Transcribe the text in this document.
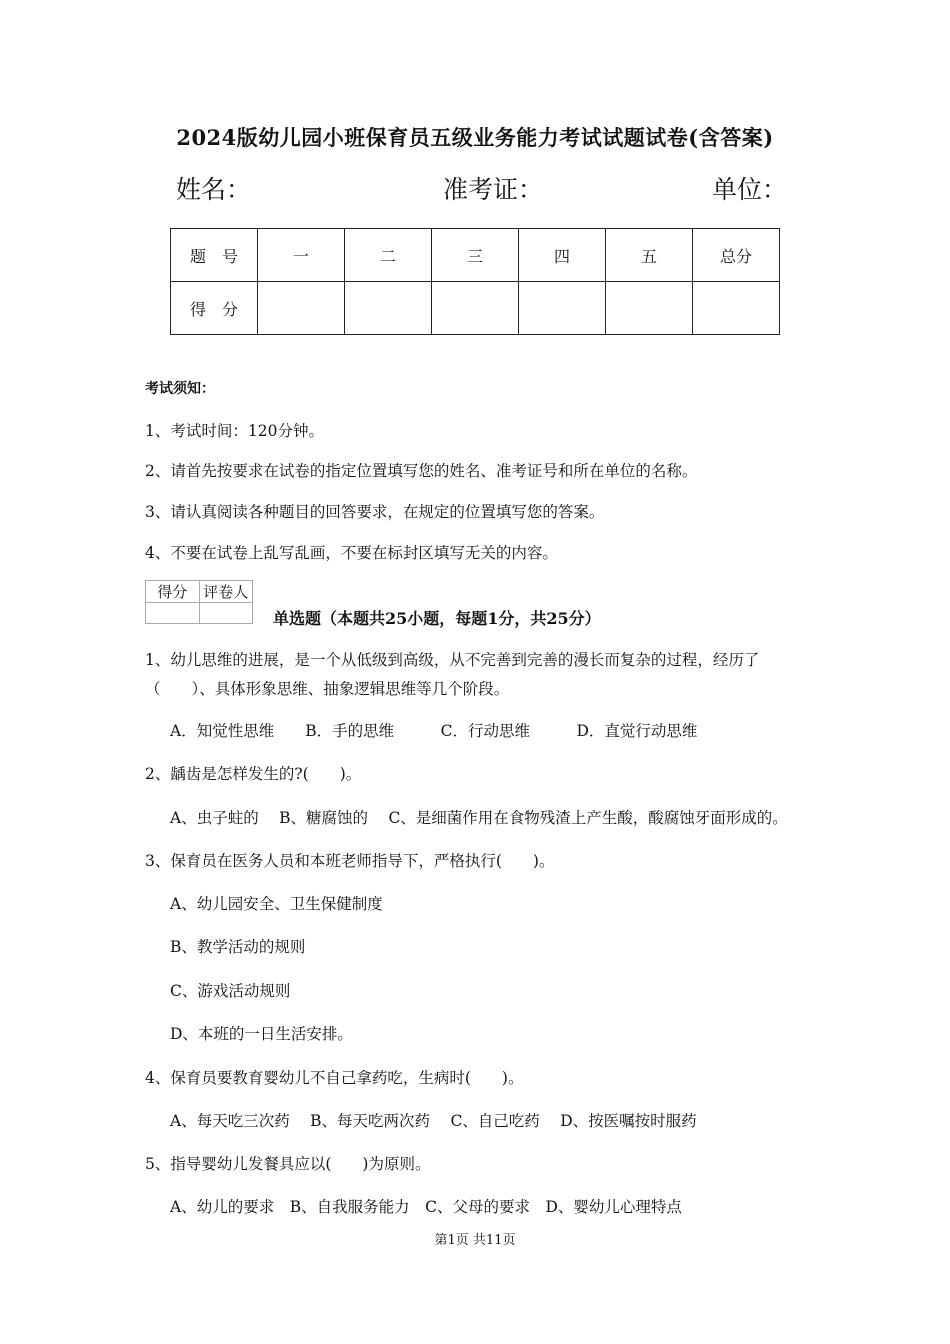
2024版幼儿园小班保育员五级业务能力考试试题试卷(含答案)
姓名：	准考证：	单位：
题　号	一	二	三	四	五	总分
得　分						
考试须知：
1、考试时间：120分钟。
2、请首先按要求在试卷的指定位置填写您的姓名、准考证号和所在单位的名称。
3、请认真阅读各种题目的回答要求，在规定的位置填写您的答案。
4、不要在试卷上乱写乱画，不要在标封区填写无关的内容。
得分	评卷人

单选题（本题共25小题，每题1分，共25分）
1、幼儿思维的进展，是一个从低级到高级，从不完善到完善的漫长而复杂的过程，经历了
（　　）、具体形象思维、抽象逻辑思维等几个阶段。
A．知觉性思维　　B．手的思维　　　C．行动思维　　　D．直觉行动思维
2、龋齿是怎样发生的?(　　)。
A、虫子蛀的　 B、糖腐蚀的　 C、是细菌作用在食物残渣上产生酸，酸腐蚀牙面形成的。
3、保育员在医务人员和本班老师指导下，严格执行(　　)。
A、幼儿园安全、卫生保健制度
B、教学活动的规则
C、游戏活动规则
D、本班的一日生活安排。
4、保育员要教育婴幼儿不自己拿药吃，生病时(　　)。
A、每天吃三次药　 B、每天吃两次药　 C、自己吃药　 D、按医嘱按时服药
5、指导婴幼儿发餐具应以(　　)为原则。
A、幼儿的要求　B、自我服务能力　C、父母的要求　D、婴幼儿心理特点
第1页 共11页
